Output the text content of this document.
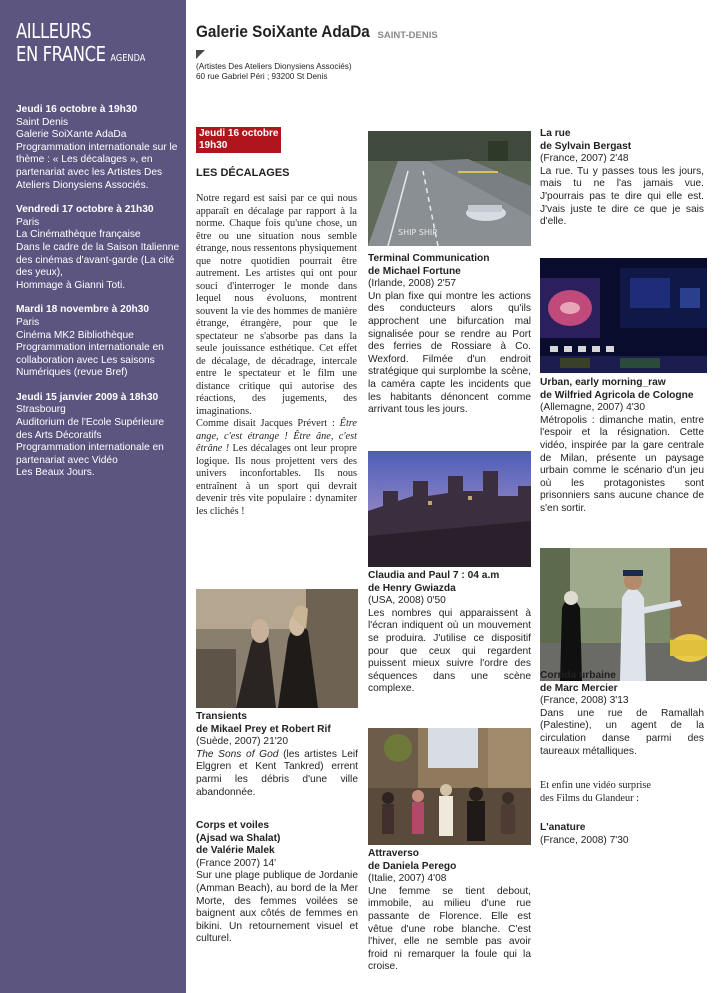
AILLEURS
EN FRANCE AGENDA
Jeudi 16 octobre à 19h30
Saint Denis
Galerie SoiXante AdaDa
Programmation internationale sur le thème : « Les décalages », en partenariat avec les Artistes Des Ateliers Dionysiens Associés.
Vendredi 17 octobre à 21h30
Paris
La Cinémathèque française
Dans le cadre de la Saison Italienne des cinémas d'avant-garde (La cité des yeux),
Hommage à Gianni Toti.
Mardi 18 novembre à 20h30
Paris
Cinéma MK2 Bibliothèque
Programmation internationale en collaboration avec Les saisons Numériques (revue Bref)
Jeudi 15 janvier 2009 à 18h30
Strasbourg
Auditorium de l'Ecole Supérieure des Arts Décoratifs
Programmation internationale en partenariat avec Vidéo
Les Beaux Jours.
Galerie SoiXante AdaDa SAINT-DENIS
(Artistes Des Ateliers Dionysiens Associés)
60 rue Gabriel Péri ; 93200 St Denis
Jeudi 16 octobre
19h30
LES DÉCALAGES
Notre regard est saisi par ce qui nous apparaît en décalage par rapport à la norme. Chaque fois qu'une chose, un être ou une situation nous semble étrange, nous ressentons physiquement que notre quotidien pourrait être autrement. Les artistes qui ont pour souci d'interroger le monde dans lequel nous évoluons, montrent souvent la vie des hommes de manière étrange, étrangère, pour que le spectateur ne s'absorbe pas dans la seule jouissance esthétique. Cet effet de décalage, de décadrage, intercale entre le spectateur et le film une distance critique qui autorise des réactions, des jugements, des imaginations.
Comme disait Jacques Prévert : Être ange, c'est étrange ! Être âne, c'est êtrâne ! Les décalages ont leur propre logique. Ils nous projettent vers des univers inconfortables. Ils nous entraînent à un sport qui devrait devenir très vite populaire : dynamiter les clichés !
Transients
de Mikael Prey et Robert Rif
(Suède, 2007) 21'20
The Sons of God (les artistes Leif Elggren et Kent Tankred) errent parmi les débris d'une ville abandonnée.
Corps et voiles
(Ajsad wa Shalat)
de Valérie Malek
(France 2007) 14'
Sur une plage publique de Jordanie (Amman Beach), au bord de la Mer Morte, des femmes voilées se baignent aux côtés de femmes en bikini. Un retournement visuel et culturel.
SHIP SHIP
Terminal Communication
de Michael Fortune
(Irlande, 2008) 2'57
Un plan fixe qui montre les actions des conducteurs alors qu'ils approchent une bifurcation mal signalisée pour se rendre au Port des ferries de Rossiare à Co. Wexford. Filmée d'un endroit stratégique qui surplombe la scène, la caméra capte les incidents que les habitants dénoncent comme arrivant tous les jours.
Claudia and Paul 7 : 04 a.m
de Henry Gwiazda
(USA, 2008) 0'50
Les nombres qui apparaissent à l'écran indiquent où un mouvement se produira. J'utilise ce dispositif pour que ceux qui regardent puissent mieux suivre l'ordre des séquences dans une scène complexe.
Attraverso
de Daniela Perego
(Italie, 2007) 4'08
Une femme se tient debout, immobile, au milieu d'une rue passante de Florence. Elle est vêtue d'une robe blanche. C'est l'hiver, elle ne semble pas avoir froid ni remarquer la foule qui la croise.
La rue
de Sylvain Bergast
(France, 2007) 2'48
La rue. Tu y passes tous les jours, mais tu ne l'as jamais vue. J'pourrais pas te dire qui elle est. J'vais juste te dire ce que je sais d'elle.
Urban, early morning_raw
de Wilfried Agricola de Cologne
(Allemagne, 2007) 4'30
Métropolis : dimanche matin, entre l'espoir et la résignation. Cette vidéo, inspirée par la gare centrale de Milan, présente un paysage urbain comme le scénario d'un jeu où les protagonistes sont prisonniers sans aucune chance de s'en sortir.
Corrida urbaine
de Marc Mercier
(France, 2008) 3'13
Dans une rue de Ramallah (Palestine), un agent de la circulation danse parmi des taureaux métalliques.
Et enfin une vidéo surprise
des Films du Glandeur :
L'anature
(France, 2008) 7'30
